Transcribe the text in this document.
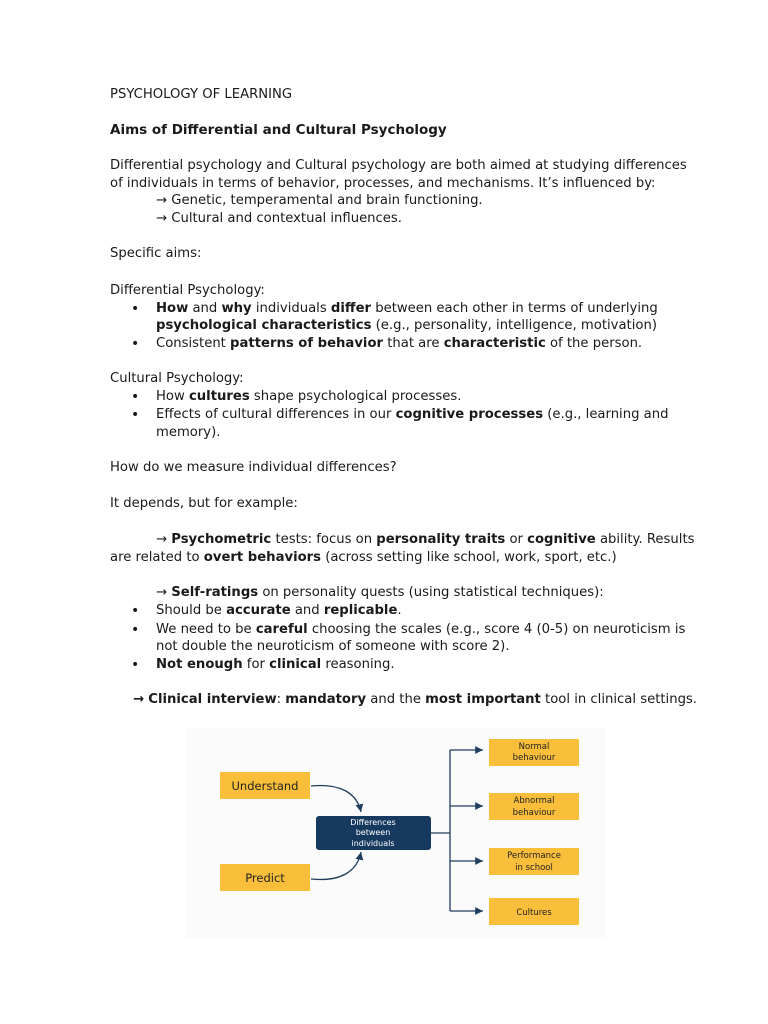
PSYCHOLOGY OF LEARNING
Aims of Differential and Cultural Psychology
Differential psychology and Cultural psychology are both aimed at studying differences
of individuals in terms of behavior, processes, and mechanisms. It’s influenced by:
→ Genetic, temperamental and brain functioning.
→ Cultural and contextual influences.
Specific aims:
Differential Psychology:
• How and why individuals differ between each other in terms of underlying
psychological characteristics (e.g., personality, intelligence, motivation)
• Consistent patterns of behavior that are characteristic of the person.
Cultural Psychology:
• How cultures shape psychological processes.
• Effects of cultural differences in our cognitive processes (e.g., learning and
memory).
How do we measure individual differences?
It depends, but for example:
→ Psychometric tests: focus on personality traits or cognitive ability. Results
are related to overt behaviors (across setting like school, work, sport, etc.)
→ Self-ratings on personality quests (using statistical techniques):
• Should be accurate and replicable.
• We need to be careful choosing the scales (e.g., score 4 (0-5) on neuroticism is
not double the neuroticism of someone with score 2).
• Not enough for clinical reasoning.
→ Clinical interview: mandatory and the most important tool in clinical settings.
Understand
Predict
Differences
between
individuals
Normal
behaviour
Abnormal
behaviour
Performance
in school
Cultures
